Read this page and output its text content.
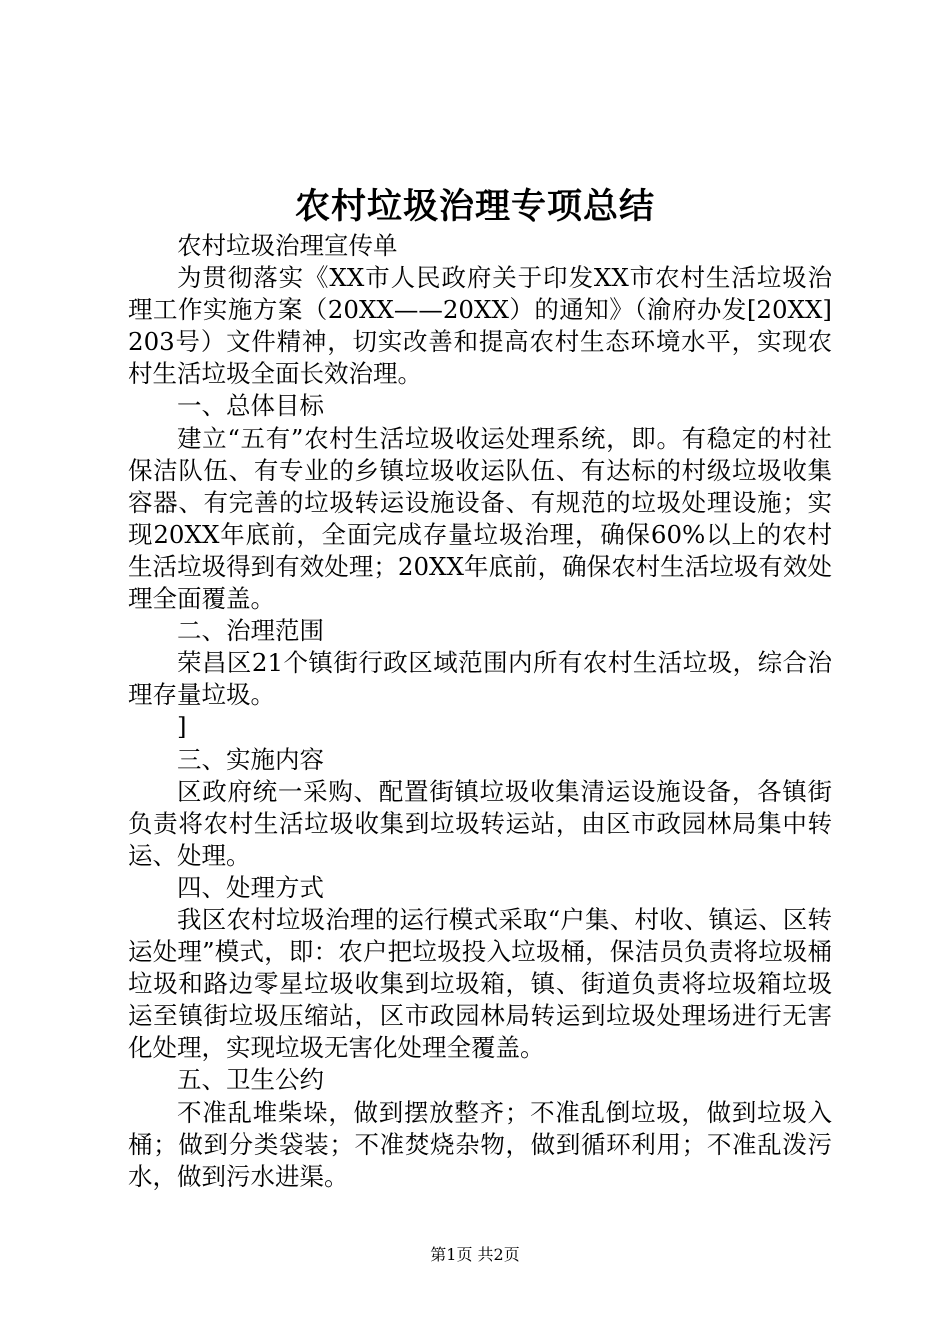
农村垃圾治理专项总结

农村垃圾治理宣传单

为贯彻落实《XX市人民政府关于印发XX市农村生活垃圾治理工作实施方案（20XX——20XX）的通知》（渝府办发[20XX]203号）文件精神，切实改善和提高农村生态环境水平，实现农村生活垃圾全面长效治理。

一、总体目标

建立“五有”农村生活垃圾收运处理系统，即。有稳定的村社保洁队伍、有专业的乡镇垃圾收运队伍、有达标的村级垃圾收集容器、有完善的垃圾转运设施设备、有规范的垃圾处理设施；实现20XX年底前，全面完成存量垃圾治理，确保60%以上的农村生活垃圾得到有效处理；20XX年底前，确保农村生活垃圾有效处理全面覆盖。

二、治理范围

荣昌区21个镇街行政区域范围内所有农村生活垃圾，综合治理存量垃圾。

]

三、实施内容

区政府统一采购、配置街镇垃圾收集清运设施设备，各镇街负责将农村生活垃圾收集到垃圾转运站，由区市政园林局集中转运、处理。

四、处理方式

我区农村垃圾治理的运行模式采取“户集、村收、镇运、区转运处理”模式，即：农户把垃圾投入垃圾桶，保洁员负责将垃圾桶垃圾和路边零星垃圾收集到垃圾箱，镇、街道负责将垃圾箱垃圾运至镇街垃圾压缩站，区市政园林局转运到垃圾处理场进行无害化处理，实现垃圾无害化处理全覆盖。

五、卫生公约

不准乱堆柴垛，做到摆放整齐；不准乱倒垃圾，做到垃圾入桶；做到分类袋装；不准焚烧杂物，做到循环利用；不准乱泼污水，做到污水进渠。

第1页 共2页
